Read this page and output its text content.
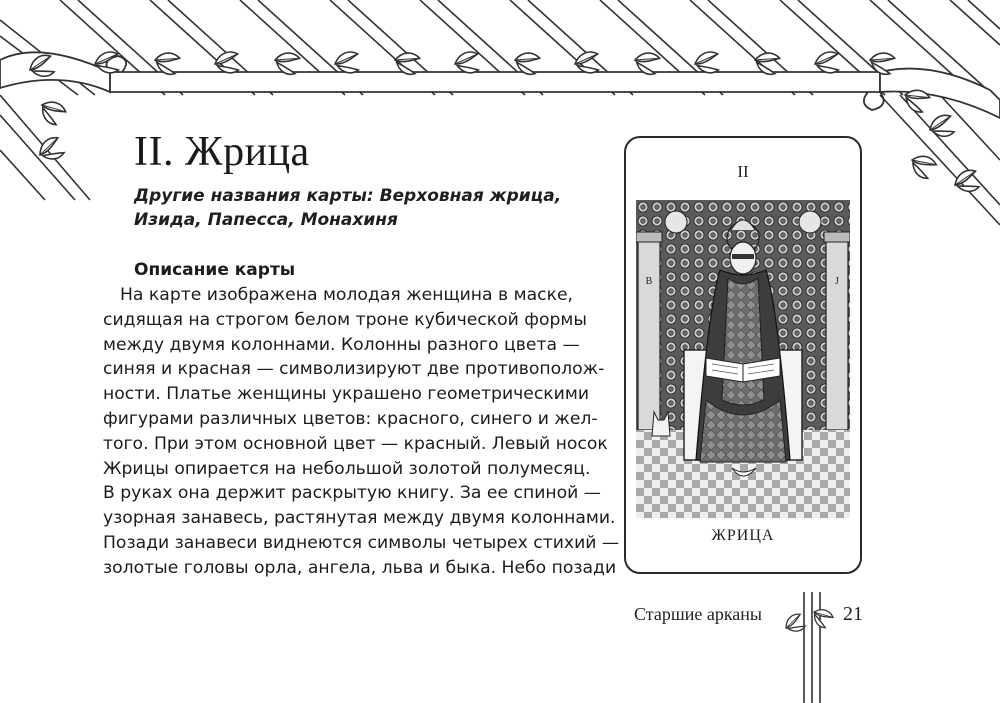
II. Жрица
Другие названия карты: Верховная жрица, Изида, Папесса, Монахиня
Описание карты
На карте изображена молодая женщина в маске,
сидящая на строгом белом троне кубической формы
между двумя колоннами. Колонны разного цвета —
синяя и красная — символизируют две противополож-
ности. Платье женщины украшено геометрическими
фигурами различных цветов: красного, синего и жел-
того. При этом основной цвет — красный. Левый носок
Жрицы опирается на небольшой золотой полумесяц.
В руках она держит раскрытую книгу. За ее спиной —
узорная занавесь, растянутая между двумя колоннами.
Позади занавеси виднеются символы четырех стихий —
золотые головы орла, ангела, льва и быка. Небо позади
II
B	J
ЖРИЦА
Старшие арканы	21
